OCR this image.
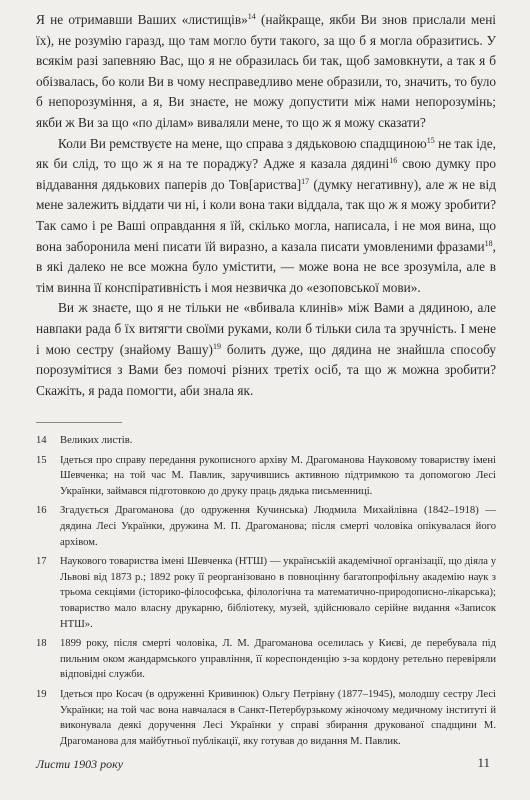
Я не отримавши Ваших «листищів»$^{14}$ (найкраще, якби Ви знов прислали мені їх), не розумію гаразд, що там могло бути такого, за що б я могла образитись. У всякім разі запевняю Вас, що я не образилась би так, щоб замовкнути, а так я б обізвалась, бо коли Ви в чому несправедливо мене образили, то, значить, то було б непорозуміння, а я, Ви знаєте, не можу допустити між нами непорозумінь; якби ж Ви за що «по ділам» виваляли мене, то що ж я можу сказати?

Коли Ви ремствуєте на мене, що справа з дядьковою спадщиною$^{15}$ не так іде, як би слід, то що ж я на те пораджу? Адже я казала дядині$^{16}$ свою думку про віддавання дядькових паперів до Тов[ариства]$^{17}$ (думку негативну), але ж не від мене залежить віддати чи ні, і коли вона таки віддала, так що ж я можу зробити? Так само і ре Ваші оправдання я їй, скілько могла, написала, і не моя вина, що вона заборонила мені писати їй виразно, а казала писати умовленими фразами$^{18}$, в які далеко не все можна було умістити, — може вона не все зрозуміла, але в тім винна її конспіративність і моя незвичка до «езоповської мови».

Ви ж знаєте, що я не тільки не «вбивала клинів» між Вами а дядиною, але навпаки рада б їх витягти своїми руками, коли б тільки сила та зручність. І мене і мою сестру (знайому Вашу)$^{19}$ болить дуже, що дядина не знайшла способу порозумітися з Вами без помочі різних третіх осіб, та що ж можна зробити? Скажіть, я рада помогти, аби знала як.

14	Великих листів.
15	Ідеться про справу передання рукописного архіву М. Драгоманова Науковому товариству імені Шевченка; на той час М. Павлик, заручившись активною підтримкою та допомогою Лесі Українки, займався підготовкою до друку праць дядька письменниці.
16	Згадується Драгоманова (до одруження Кучинська) Людмила Михайлівна (1842–1918) — дядина Лесі Українки, дружина М. П. Драгоманова; після смерті чоловіка опікувалася його архівом.
17	Наукового товариства імені Шевченка (НТШ) — українській академічної організації, що діяла у Львові від 1873 р.; 1892 року її реорганізовано в повноцінну багатопрофільну академію наук з трьома секціями (історико-філософська, філологічна та математично-природописно-лікарська); товариство мало власну друкарню, бібліотеку, музей, здійснювало серійне видання «Записок НТШ».
18	1899 року, після смерті чоловіка, Л. М. Драгоманова оселилась у Києві, де перебувала під пильним оком жандармського управління, її кореспонденцію з-за кордону ретельно перевіряли відповідні служби.
19	Ідеться про Косач (в одруженні Кривинюк) Ольгу Петрівну (1877–1945), молодшу сестру Лесі Українки; на той час вона навчалася в Санкт-Петербурзькому жіночому медичному інституті й виконувала деякі доручення Лесі Українки у справі збирання друкованої спадщини М. Драгоманова для майбутньої публікації, яку готував до видання М. Павлик.
Листи 1903 року	11
